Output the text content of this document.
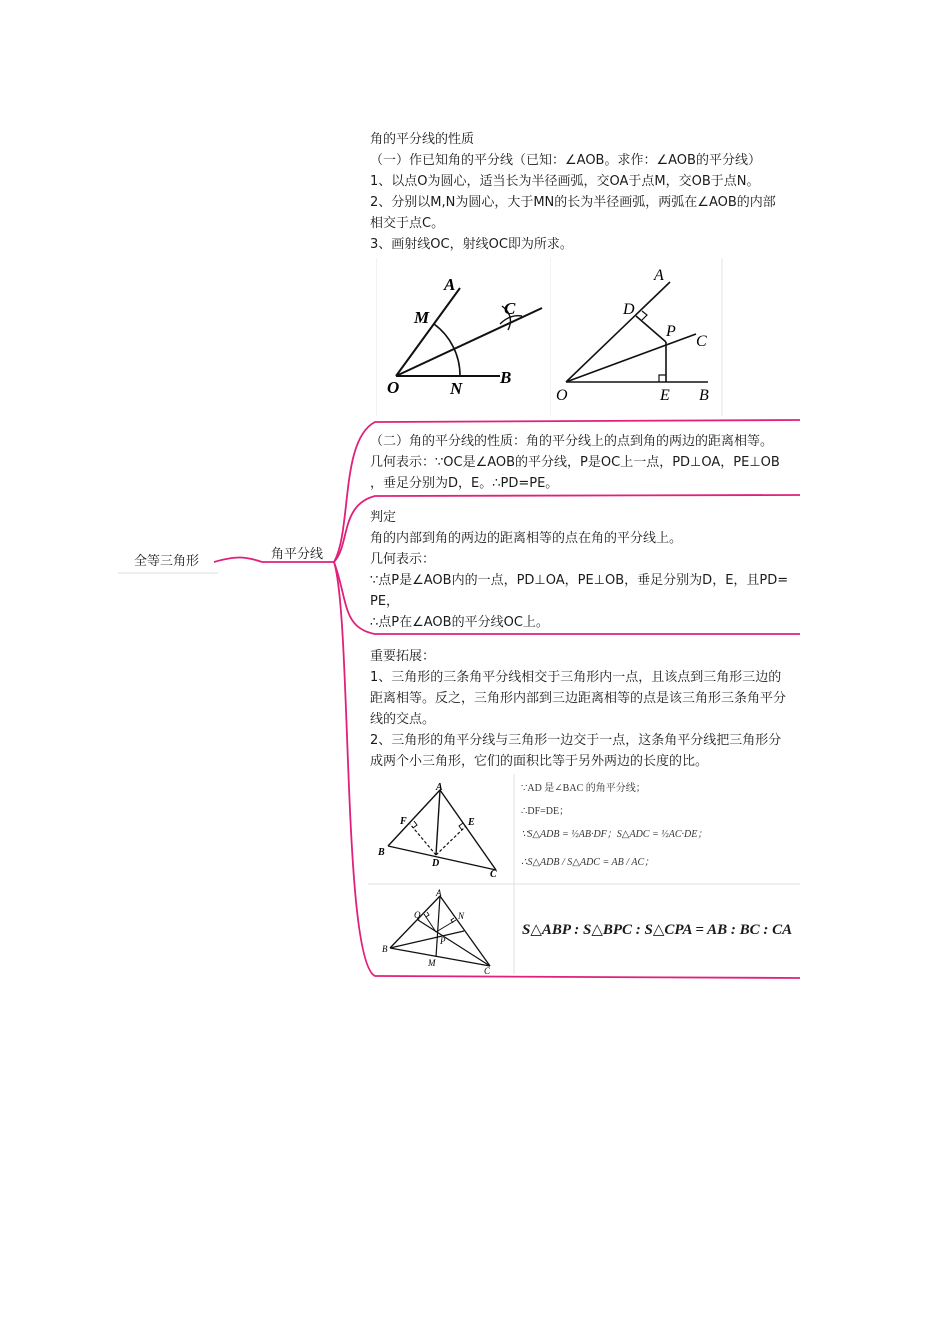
全等三角形	角平分线
角的平分线的性质
（一）作已知角的平分线（已知：∠AOB。求作：∠AOB的平分线）
1、以点O为圆心，适当长为半径画弧，交OA于点M，交OB于点N。
2、分别以M,N为圆心，大于MN的长为半径画弧，两弧在∠AOB的内部
相交于点C。
3、画射线OC，射线OC即为所求。
A
M	C
O	N
B
A
D
P
C
O	E B
（二）角的平分线的性质：角的平分线上的点到角的两边的距离相等。
几何表示：∵OC是∠AOB的平分线，P是OC上一点，PD⊥OA，PE⊥OB
，垂足分别为D，E。∴PD=PE。
判定
角的内部到角的两边的距离相等的点在角的平分线上。
几何表示：
∵点P是∠AOB内的一点，PD⊥OA，PE⊥OB，垂足分别为D，E，且PD=
PE，
∴点P在∠AOB的平分线OC上。
重要拓展：
1、三角形的三条角平分线相交于三角形内一点，且该点到三角形三边的
距离相等。反之，三角形内部到三边距离相等的点是该三角形三条角平分
线的交点。
2、三角形的角平分线与三角形一边交于一点，这条角平分线把三角形分
成两个小三角形，它们的面积比等于另外两边的长度的比。
A
F	E
B
D
C
∵AD 是∠BAC 的角平分线；
∴DF=DE；
∵S△ADB = ½AB·DF；S△ADC = ½AC·DE；
∴S△ADB / S△ADC = AB / AC；
A
Q	N
P
B
M
C
S△ABP : S△BPC : S△CPA = AB : BC : CA
